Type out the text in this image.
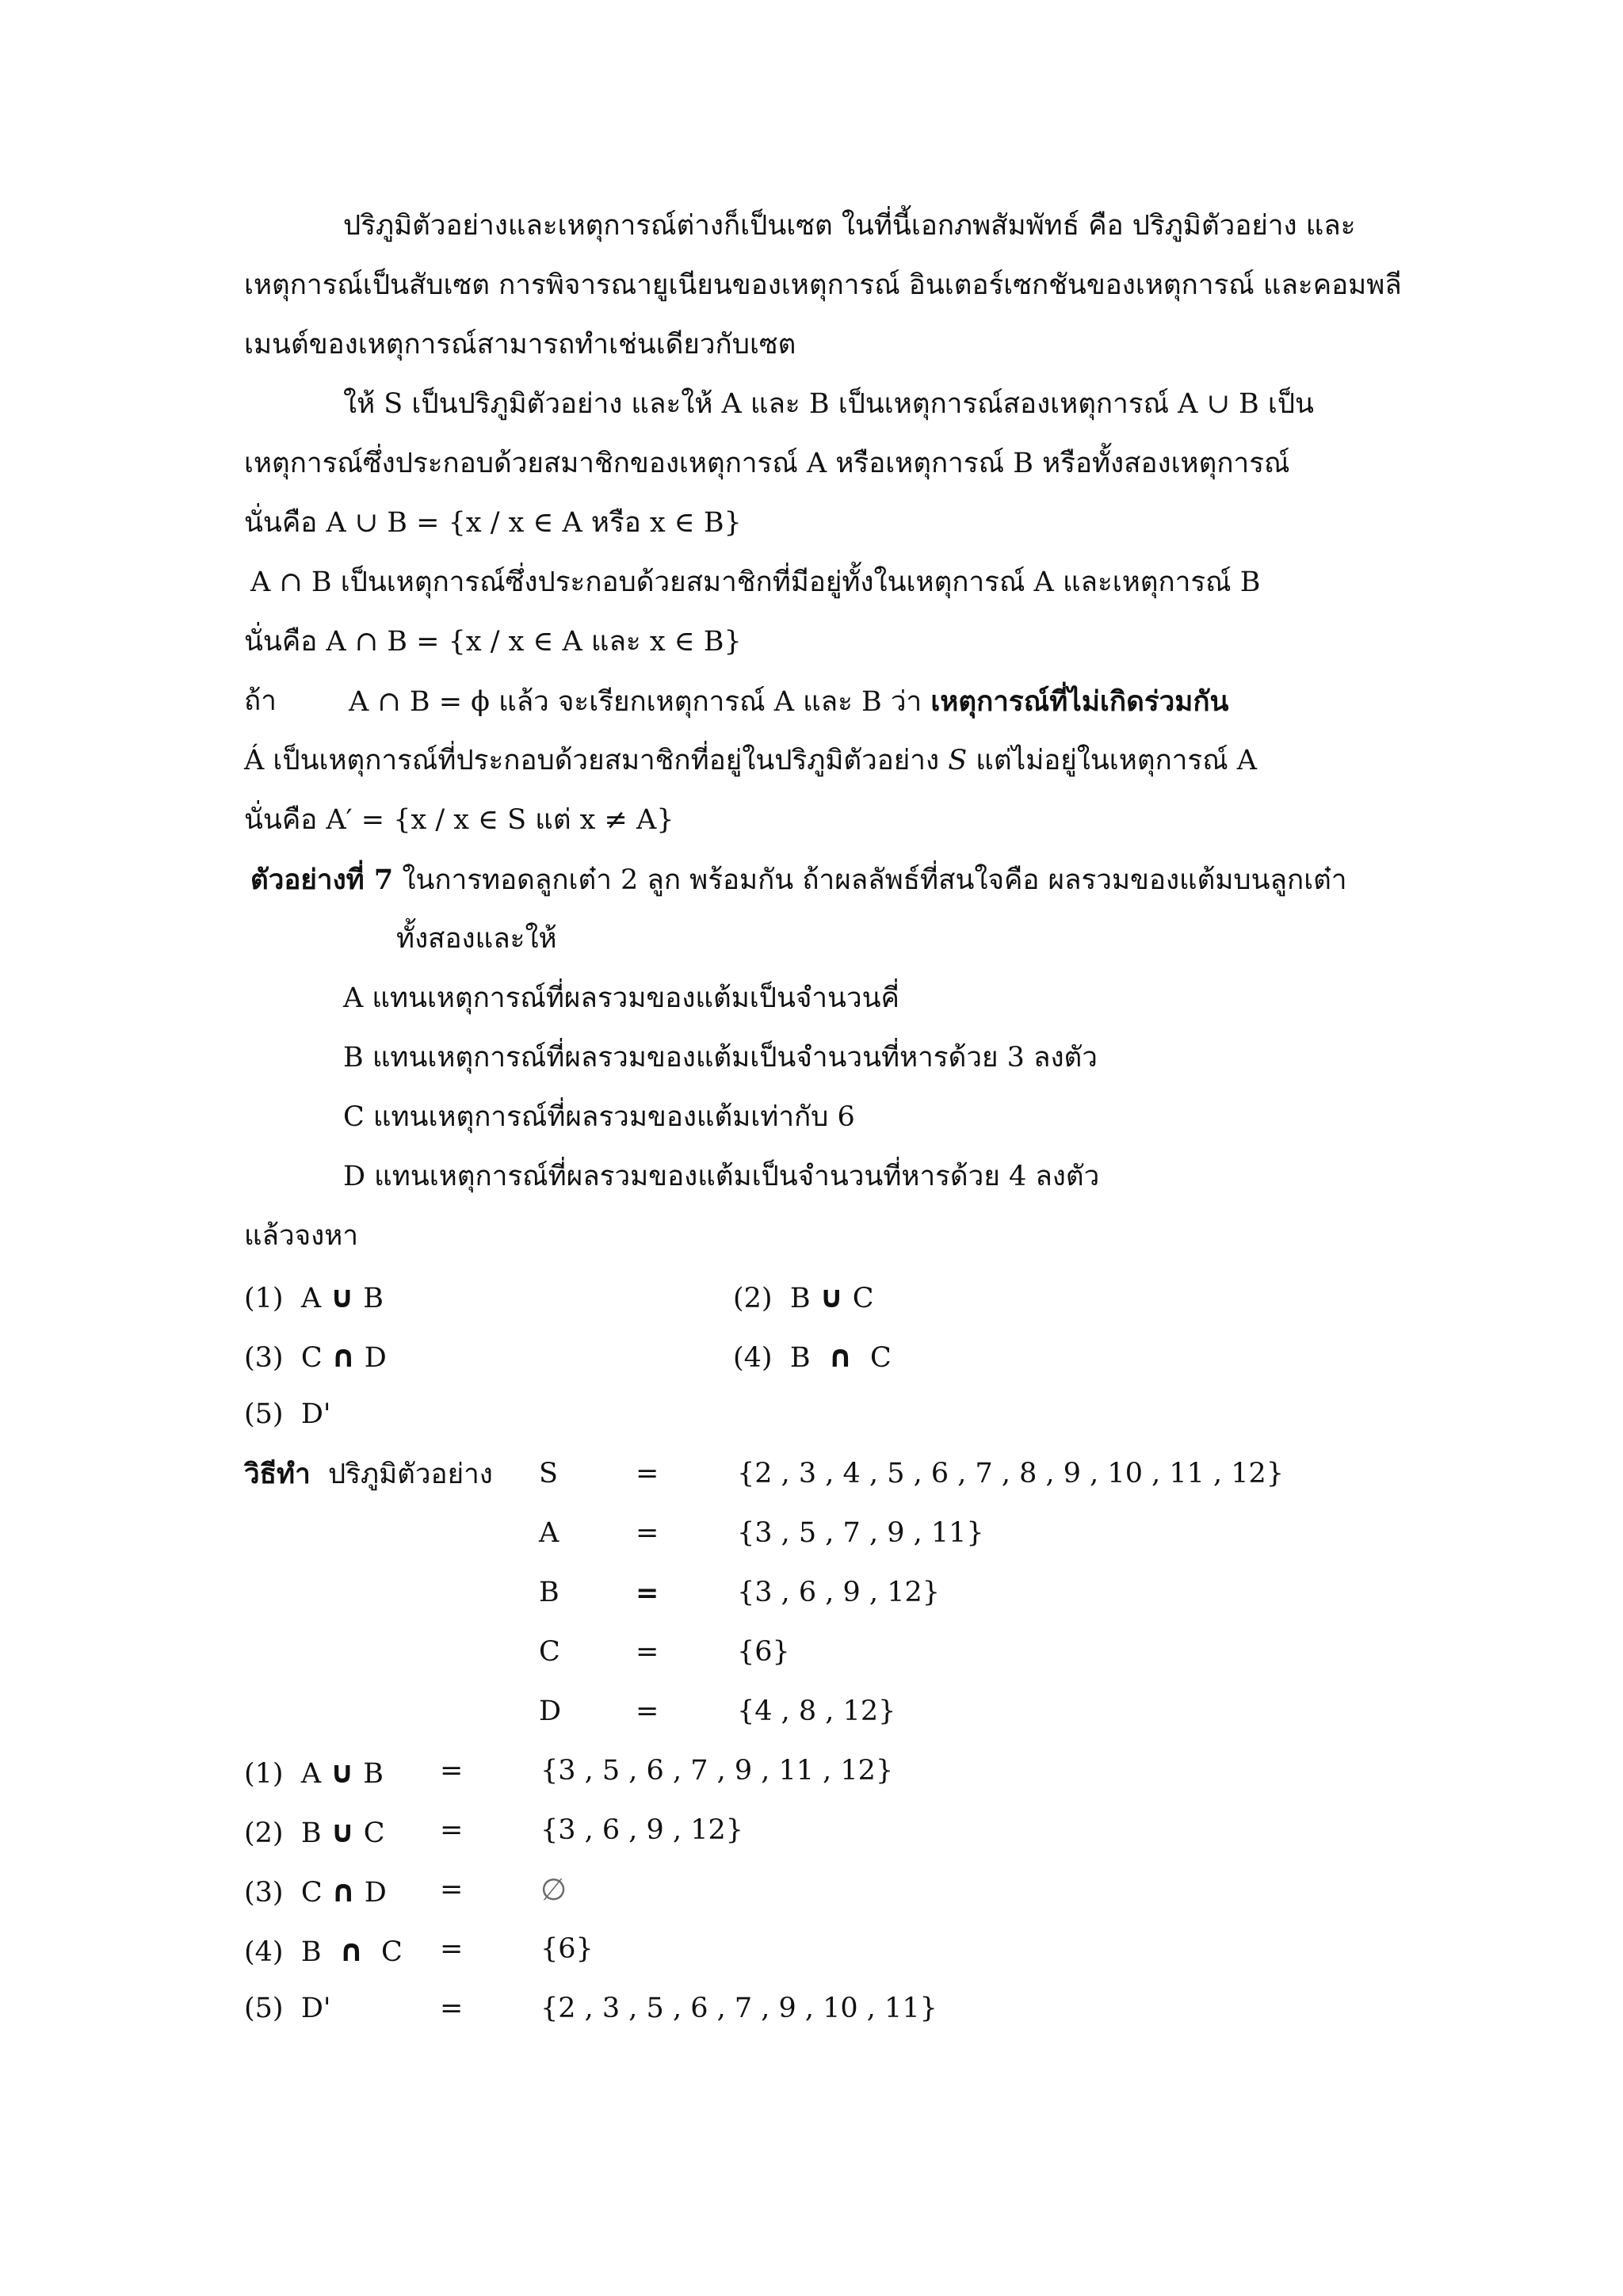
ปริภูมิตัวอย่างและเหตุการณ์ต่างก็เป็นเซต ในที่นี้เอกภพสัมพัทธ์ คือ ปริภูมิตัวอย่าง และ
เหตุการณ์เป็นสับเซต การพิจารณายูเนียนของเหตุการณ์ อินเตอร์เซกชันของเหตุการณ์ และคอมพลี
เมนต์ของเหตุการณ์สามารถทำเช่นเดียวกับเซต
ให้ S เป็นปริภูมิตัวอย่าง และให้ A และ B เป็นเหตุการณ์สองเหตุการณ์ A ∪ B เป็น
เหตุการณ์ซึ่งประกอบด้วยสมาชิกของเหตุการณ์ A หรือเหตุการณ์ B หรือทั้งสองเหตุการณ์
นั่นคือ A ∪ B = {x / x ∈ A หรือ x ∈ B}
A ∩ B เป็นเหตุการณ์ซึ่งประกอบด้วยสมาชิกที่มีอยู่ทั้งในเหตุการณ์ A และเหตุการณ์ B
นั่นคือ A ∩ B = {x / x ∈ A และ x ∈ B}
ถ้า	A ∩ B = ϕ แล้ว จะเรียกเหตุการณ์ A และ B ว่า เหตุการณ์ที่ไม่เกิดร่วมกัน
Á เป็นเหตุการณ์ที่ประกอบด้วยสมาชิกที่อยู่ในปริภูมิตัวอย่าง S แต่ไม่อยู่ในเหตุการณ์ A
นั่นคือ A′ = {x / x ∈ S แต่ x ≠ A}
ตัวอย่างที่ 7 ในการทอดลูกเต๋า 2 ลูก พร้อมกัน ถ้าผลลัพธ์ที่สนใจคือ ผลรวมของแต้มบนลูกเต๋า
ทั้งสองและให้
A แทนเหตุการณ์ที่ผลรวมของแต้มเป็นจำนวนคี่
B แทนเหตุการณ์ที่ผลรวมของแต้มเป็นจำนวนที่หารด้วย 3 ลงตัว
C แทนเหตุการณ์ที่ผลรวมของแต้มเท่ากับ 6
D แทนเหตุการณ์ที่ผลรวมของแต้มเป็นจำนวนที่หารด้วย 4 ลงตัว
แล้วจงหา
(1) A ∪ B	(2) B ∪ C
(3) C ∩ D	(4) B ∩ C
(5) D'
วิธีทำ ปริภูมิตัวอย่าง S	=	{2 , 3 , 4 , 5 , 6 , 7 , 8 , 9 , 10 , 11 , 12}
A	=	{3 , 5 , 7 , 9 , 11}
B	=	{3 , 6 , 9 , 12}
C	=	{6}
D	=	{4 , 8 , 12}
(1) A ∪ B =	{3 , 5 , 6 , 7 , 9 , 11 , 12}
(2) B ∪ C =	{3 , 6 , 9 , 12}
(3) C ∩ D =	∅
(4) B ∩ C =	{6}
(5) D'	=	{2 , 3 , 5 , 6 , 7 , 9 , 10 , 11}
